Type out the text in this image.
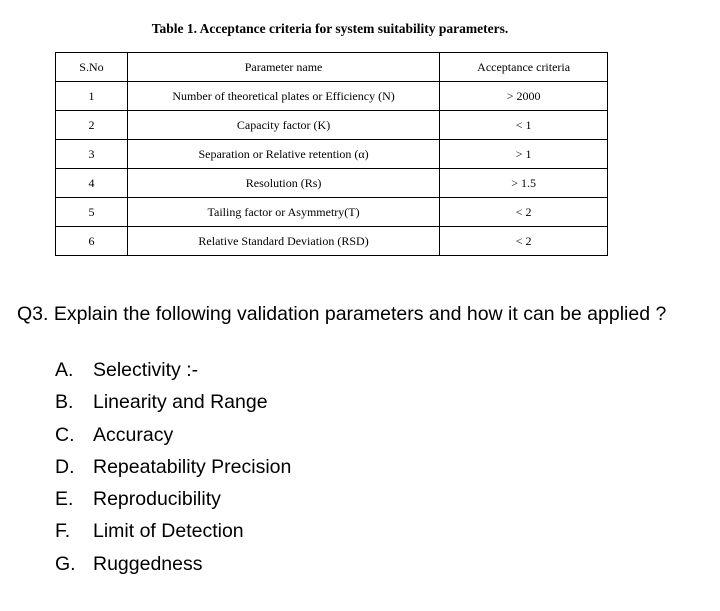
Table 1. Acceptance criteria for system suitability parameters.
S.No	Parameter name	Acceptance criteria
1	Number of theoretical plates or Efficiency (N)	> 2000
2	Capacity factor (K)	< 1
3	Separation or Relative retention (α)	> 1
4	Resolution (Rs)	> 1.5
5	Tailing factor or Asymmetry(T)	< 2
6	Relative Standard Deviation (RSD)	< 2
Q3. Explain the following validation parameters and how it can be applied ?
A. Selectivity :-
B. Linearity and Range
C. Accuracy
D. Repeatability Precision
E. Reproducibility
F. Limit of Detection
G. Ruggedness
